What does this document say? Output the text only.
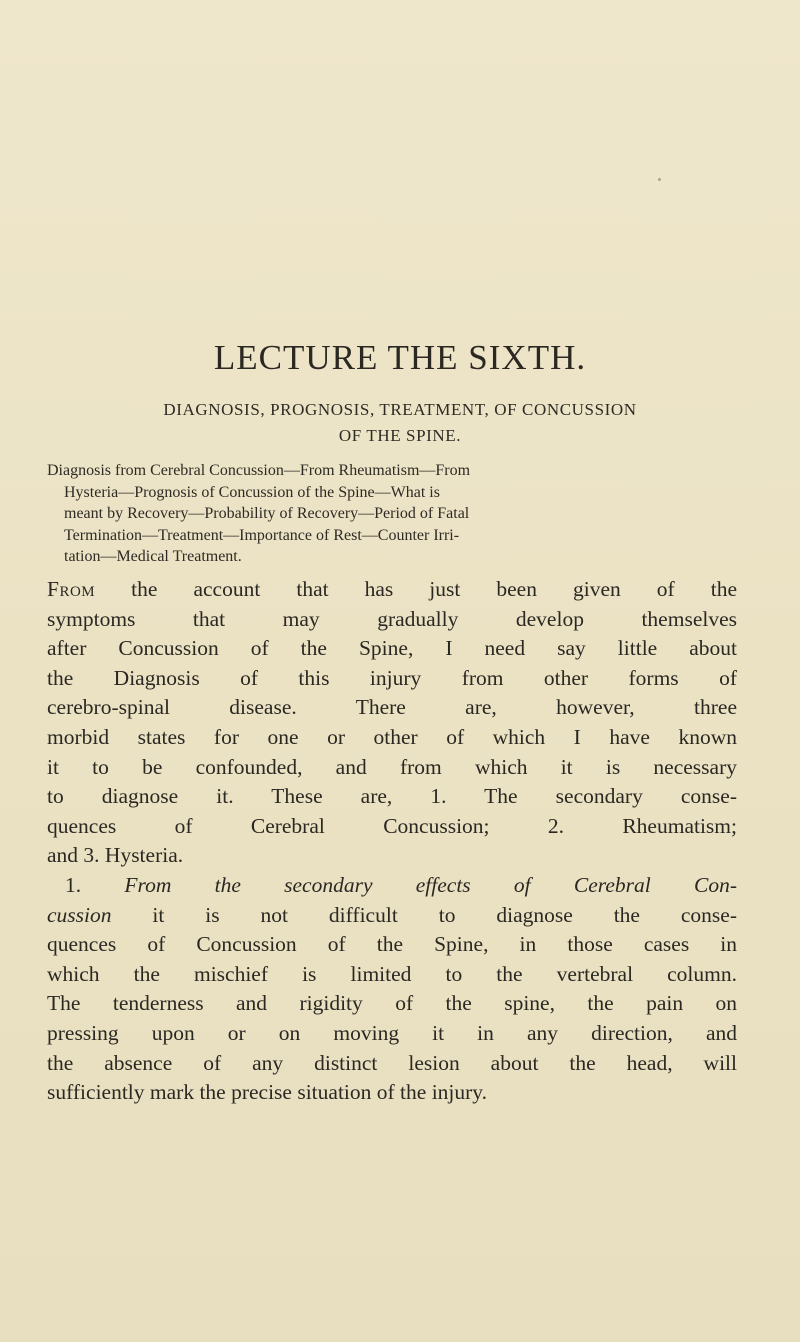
LECTURE THE SIXTH.
DIAGNOSIS, PROGNOSIS, TREATMENT, OF CONCUSSION
OF THE SPINE.
Diagnosis from Cerebral Concussion—From Rheumatism—From
Hysteria—Prognosis of Concussion of the Spine—What is
meant by Recovery—Probability of Recovery—Period of Fatal
Termination—Treatment—Importance of Rest—Counter Irri-
tation—Medical Treatment.
From the account that has just been given of the
symptoms that may gradually develop themselves
after Concussion of the Spine, I need say little about
the Diagnosis of this injury from other forms of
cerebro-spinal disease. There are, however, three
morbid states for one or other of which I have known
it to be confounded, and from which it is necessary
to diagnose it. These are, 1. The secondary conse-
quences of Cerebral Concussion; 2. Rheumatism;
and 3. Hysteria.
1. From the secondary effects of Cerebral Con-
cussion it is not difficult to diagnose the conse-
quences of Concussion of the Spine, in those cases in
which the mischief is limited to the vertebral column.
The tenderness and rigidity of the spine, the pain on
pressing upon or on moving it in any direction, and
the absence of any distinct lesion about the head, will
sufficiently mark the precise situation of the injury.
